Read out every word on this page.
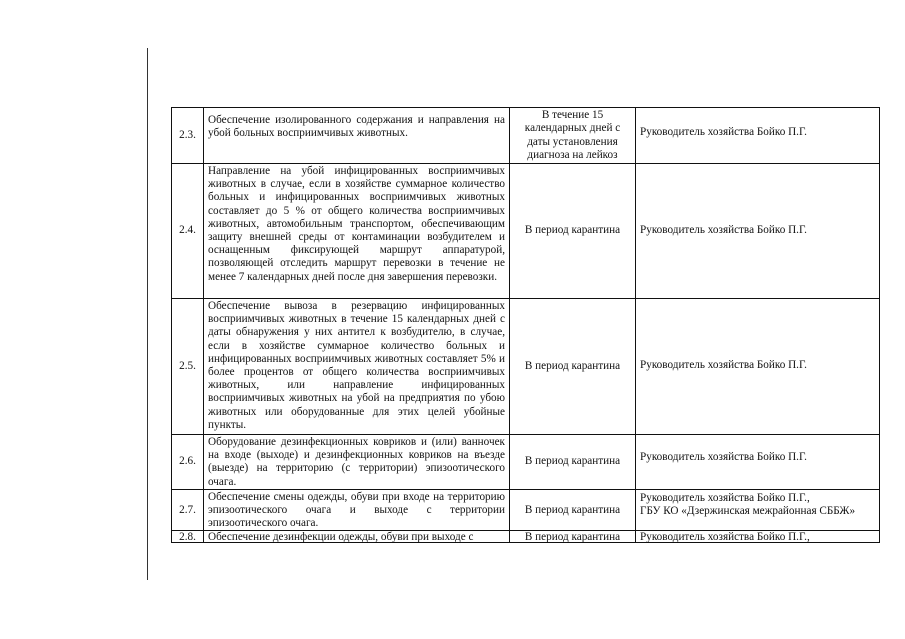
2.3.	Обеспечение изолированного содержания и направления на убой больных восприимчивых животных.	В течение 15 календарных дней с даты установления диагноза на лейкоз	Руководитель хозяйства Бойко П.Г.

2.4.	Направление на убой инфицированных восприимчивых животных в случае, если в хозяйстве суммарное количество больных и инфицированных восприимчивых животных составляет до 5 % от общего количества восприимчивых животных, автомобильным транспортом, обеспечивающим защиту внешней среды от контаминации возбудителем и оснащенным фиксирующей маршрут аппаратурой, позволяющей отследить маршрут перевозки в течение не менее 7 календарных дней после дня завершения перевозки.	В период карантина	Руководитель хозяйства Бойко П.Г.

2.5.	Обеспечение вывоза в резервацию инфицированных восприимчивых животных в течение 15 календарных дней с даты обнаружения у них антител к возбудителю, в случае, если в хозяйстве суммарное количество больных и инфицированных восприимчивых животных составляет 5% и более процентов от общего количества восприимчивых животных, или направление инфицированных восприимчивых животных на убой на предприятия по убою животных или оборудованные для этих целей убойные пункты.	В период карантина	Руководитель хозяйства Бойко П.Г.

2.6.	Оборудование дезинфекционных ковриков и (или) ванночек на входе (выходе) и дезинфекционных ковриков на въезде (выезде) на территорию (с территории) эпизоотического очага.	В период карантина	Руководитель хозяйства Бойко П.Г.

2.7.	Обеспечение смены одежды, обуви при входе на территорию эпизоотического очага и выходе с территории эпизоотического очага.	В период карантина	Руководитель хозяйства Бойко П.Г.,
ГБУ КО «Дзержинская межрайонная СББЖ»

2.8.	Обеспечение дезинфекции одежды, обуви при выходе с	В период карантина	Руководитель хозяйства Бойко П.Г.,
